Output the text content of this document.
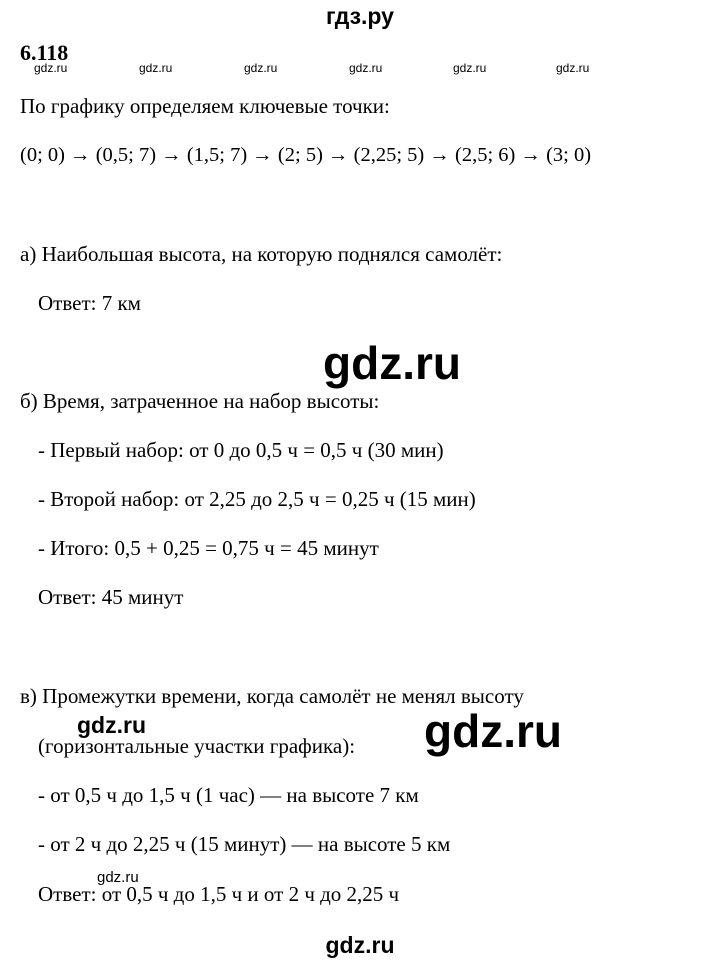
гдз.ру
6.118
gdz.ru	gdz.ru	gdz.ru	gdz.ru	gdz.ru	gdz.ru
По графику определяем ключевые точки:
(0; 0) → (0,5; 7) → (1,5; 7) → (2; 5) → (2,25; 5) → (2,5; 6) → (3; 0)
а) Наибольшая высота, на которую поднялся самолёт:
Ответ: 7 км
gdz.ru
б) Время, затраченное на набор высоты:
- Первый набор: от 0 до 0,5 ч = 0,5 ч (30 мин)
- Второй набор: от 2,25 до 2,5 ч = 0,25 ч (15 мин)
- Итого: 0,5 + 0,25 = 0,75 ч = 45 минут
Ответ: 45 минут
в) Промежутки времени, когда самолёт не менял высоту
gdz.ru	gdz.ru
(горизонтальные участки графика):
- от 0,5 ч до 1,5 ч (1 час) — на высоте 7 км
- от 2 ч до 2,25 ч (15 минут) — на высоте 5 км
gdz.ru
Ответ: от 0,5 ч до 1,5 ч и от 2 ч до 2,25 ч
gdz.ru
